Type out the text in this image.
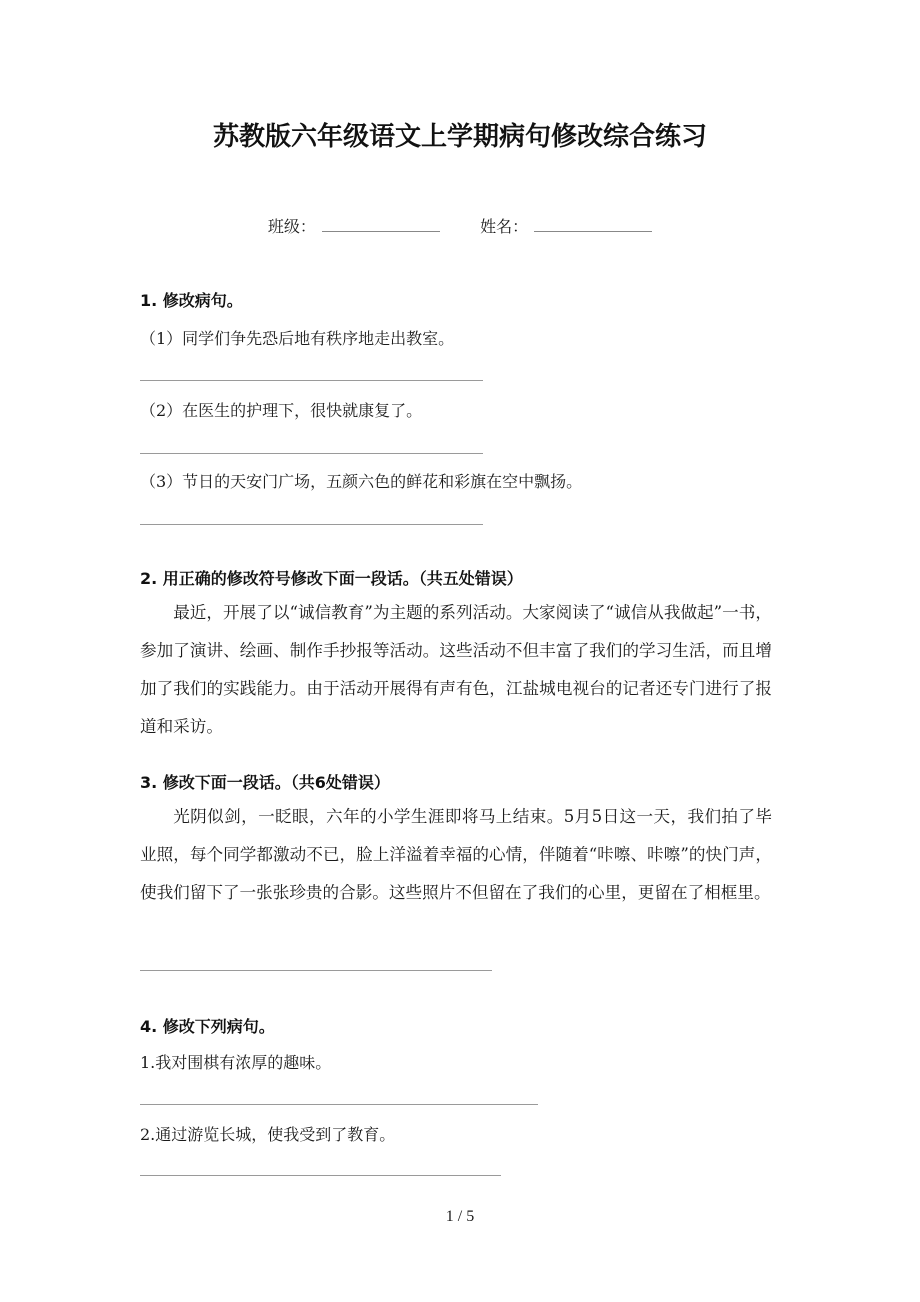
苏教版六年级语文上学期病句修改综合练习
班级：	姓名：
1. 修改病句。
（1）同学们争先恐后地有秩序地走出教室。
（2）在医生的护理下，很快就康复了。
（3）节日的天安门广场，五颜六色的鲜花和彩旗在空中飘扬。
2. 用正确的修改符号修改下面一段话。（共五处错误）
最近，开展了以“诚信教育”为主题的系列活动。大家阅读了“诚信从我做起”一书，参加了演讲、绘画、制作手抄报等活动。这些活动不但丰富了我们的学习生活，而且增加了我们的实践能力。由于活动开展得有声有色，江盐城电视台的记者还专门进行了报道和采访。
3. 修改下面一段话。（共6处错误）
光阴似剑，一眨眼，六年的小学生涯即将马上结束。5月5日这一天，我们拍了毕业照，每个同学都激动不已，脸上洋溢着幸福的心情，伴随着“咔嚓、咔嚓”的快门声，使我们留下了一张张珍贵的合影。这些照片不但留在了我们的心里，更留在了相框里。
4. 修改下列病句。
1.我对围棋有浓厚的趣味。
2.通过游览长城，使我受到了教育。
1 / 5
